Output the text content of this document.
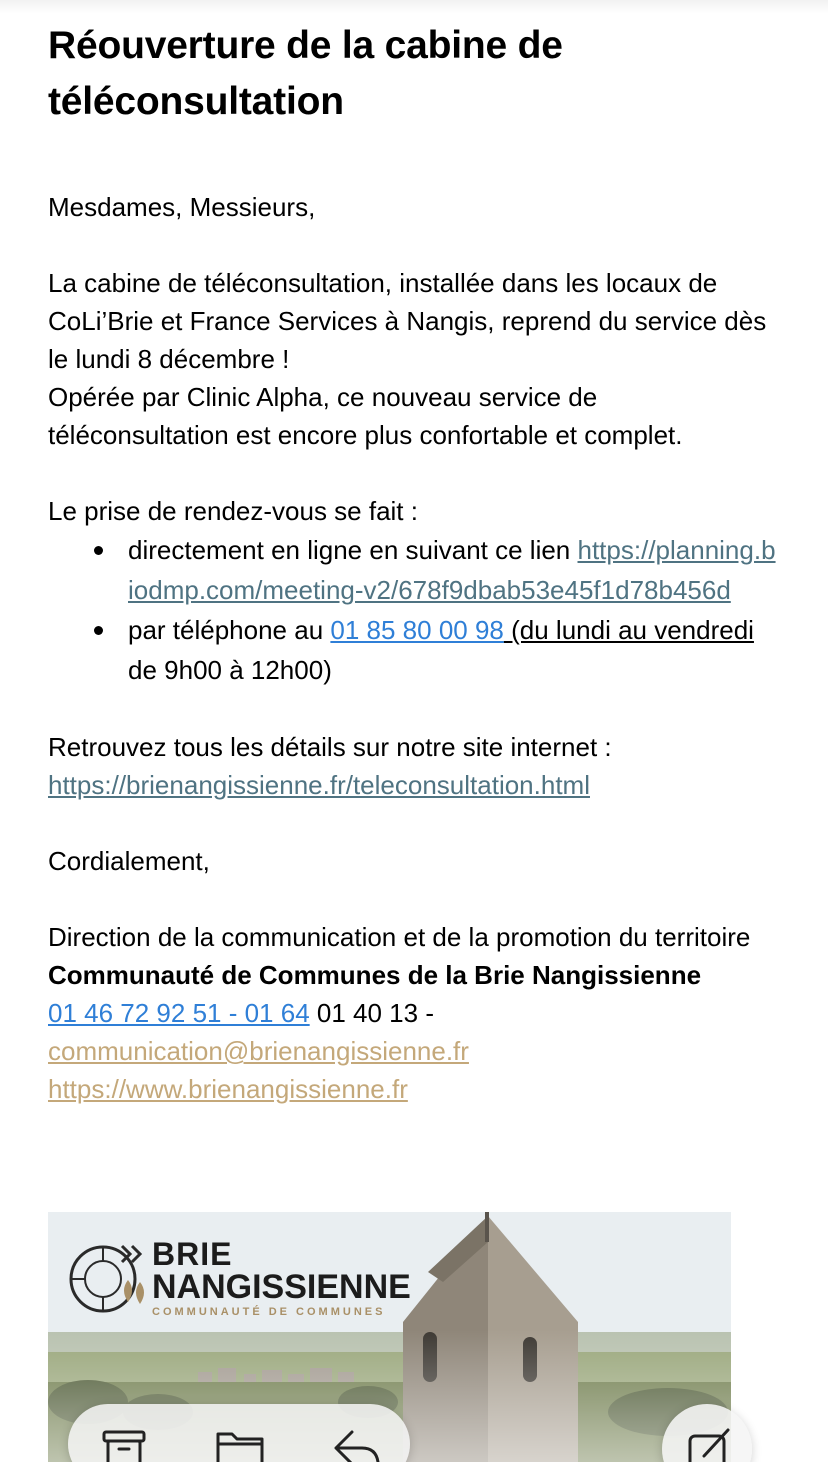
Réouverture de la cabine de téléconsultation

Mesdames, Messieurs,

La cabine de téléconsultation, installée dans les locaux de CoLi’Brie et France Services à Nangis, reprend du service dès le lundi 8 décembre !

Opérée par Clinic Alpha, ce nouveau service de téléconsultation est encore plus confortable et complet.

Le prise de rendez-vous se fait :

directement en ligne en suivant ce lien https://planning.biodmp.com/meeting-v2/678f9dbab53e45f1d78b456d
par téléphone au 01 85 80 00 98 (du lundi au vendredi de 9h00 à 12h00)

Retrouvez tous les détails sur notre site internet :

https://brienangissienne.fr/teleconsultation.html

Cordialement,

Direction de la communication et de la promotion du territoire

Communauté de Communes de la Brie Nangissienne

01 46 72 92 51 - 01 64 01 40 13 -

communication@brienangissienne.fr

https://www.brienangissienne.fr

BRIE
NANGISSIENNE
COMMUNAUTÉ DE COMMUNES
